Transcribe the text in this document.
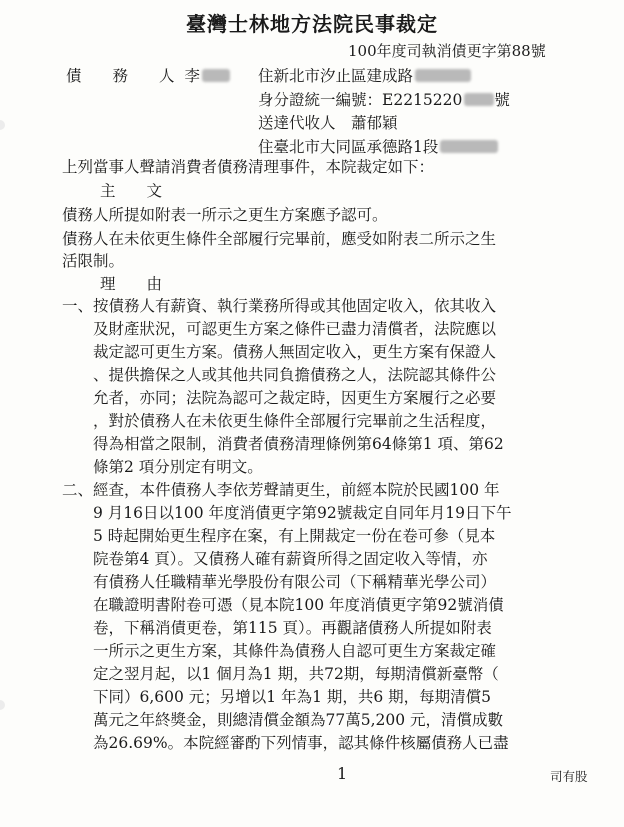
臺灣士林地方法院民事裁定
100年度司執消債更字第88號
債　　務　　人 李	住新北市汐止區建成路
身分證統一編號：E2215220 號
送達代收人　蕭郁穎
住臺北市大同區承德路1段
上列當事人聲請消費者債務清理事件，本院裁定如下：
主　　文
債務人所提如附表一所示之更生方案應予認可。
債務人在未依更生條件全部履行完畢前，應受如附表二所示之生
活限制。
理　　由
一、按債務人有薪資、執行業務所得或其他固定收入，依其收入
　　及財產狀況，可認更生方案之條件已盡力清償者，法院應以
　　裁定認可更生方案。債務人無固定收入，更生方案有保證人
　　、提供擔保之人或其他共同負擔債務之人，法院認其條件公
　　允者，亦同；法院為認可之裁定時，因更生方案履行之必要
　　，對於債務人在未依更生條件全部履行完畢前之生活程度，
　　得為相當之限制，消費者債務清理條例第64條第1 項、第62
　　條第2 項分別定有明文。
二、經查，本件債務人李依芳聲請更生，前經本院於民國100 年
　　9 月16日以100 年度消債更字第92號裁定自同年月19日下午
　　5 時起開始更生程序在案，有上開裁定一份在卷可參（見本
　　院卷第4 頁）。又債務人確有薪資所得之固定收入等情，亦
　　有債務人任職精華光學股份有限公司（下稱精華光學公司）
　　在職證明書附卷可憑（見本院100 年度消債更字第92號消債
　　卷，下稱消債更卷，第115 頁）。再觀諸債務人所提如附表
　　一所示之更生方案，其條件為債務人自認可更生方案裁定確
　　定之翌月起，以1 個月為1 期，共72期，每期清償新臺幣（
　　下同）6,600 元；另增以1 年為1 期，共6 期，每期清償5
　　萬元之年終獎金，則總清償金額為77萬5,200 元，清償成數
　　為26.69%。本院經審酌下列情事，認其條件核屬債務人已盡
1	司有股
